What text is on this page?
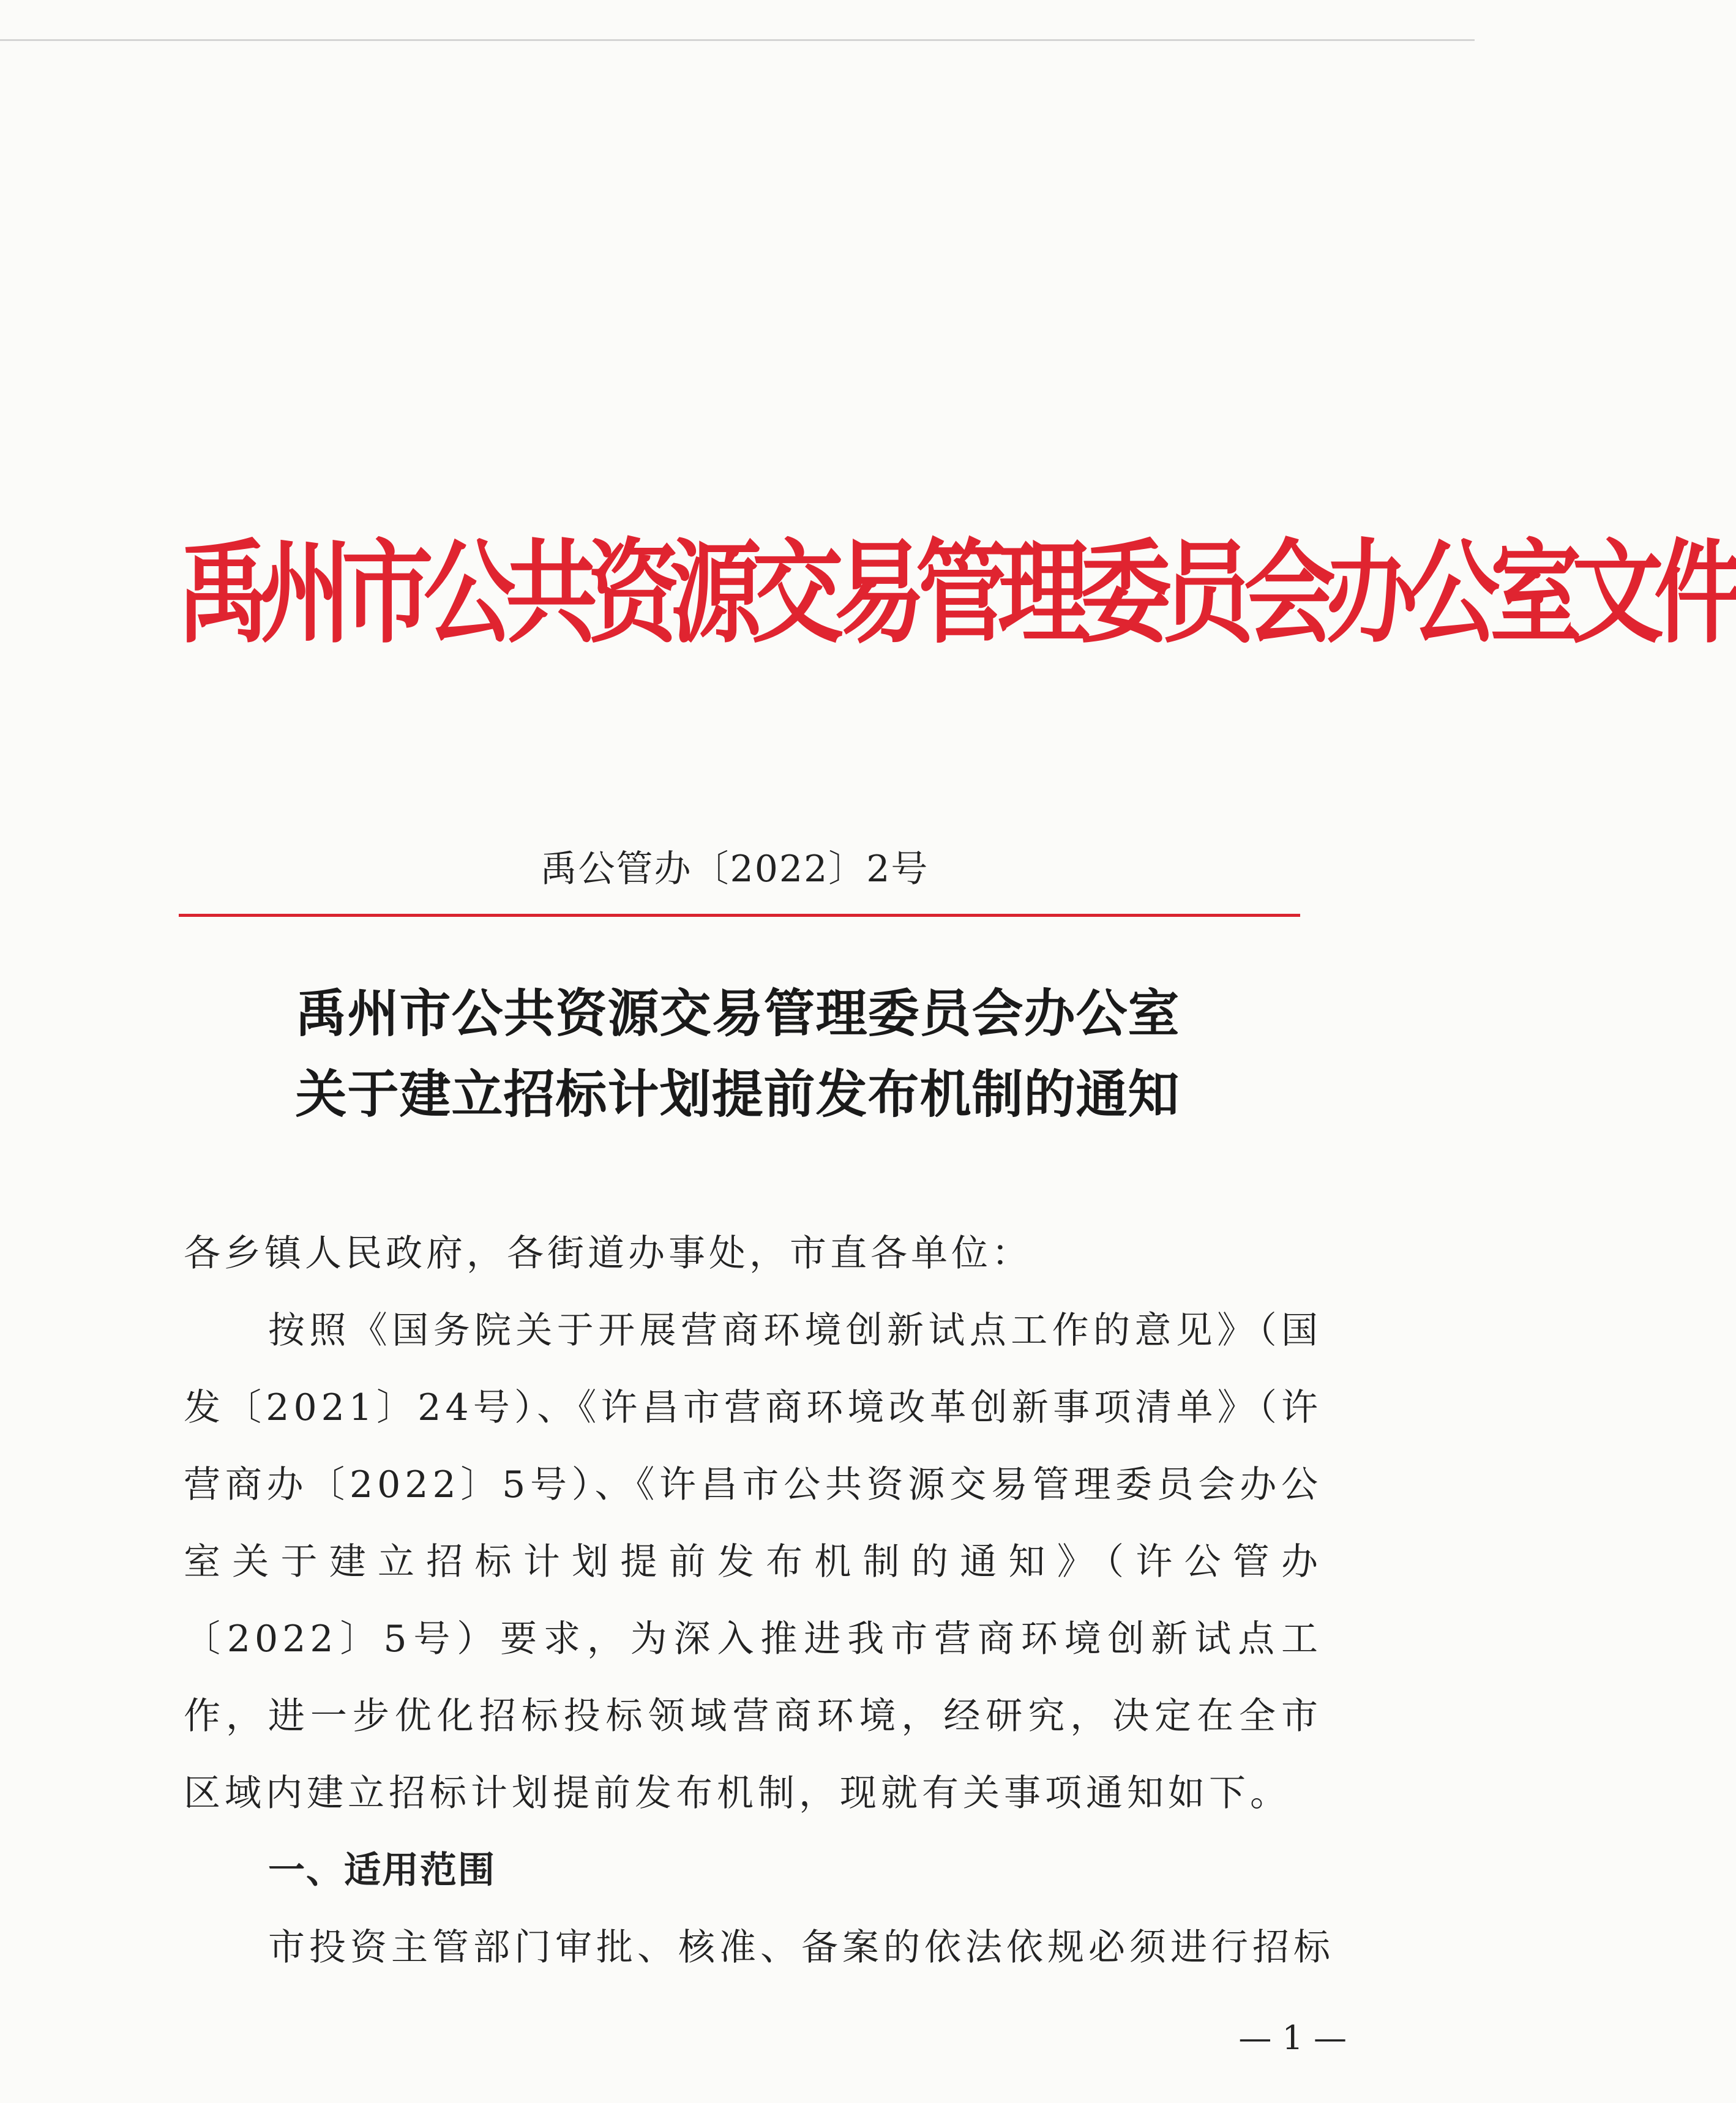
禹州市公共资源交易管理委员会办公室文件
禹公管办〔2022〕2号
禹州市公共资源交易管理委员会办公室
关于建立招标计划提前发布机制的通知

各乡镇人民政府，各街道办事处，市直各单位：

按照《国务院关于开展营商环境创新试点工作的意见》（国发〔2021〕24号）、《许昌市营商环境改革创新事项清单》（许营商办〔2022〕5号）、《许昌市公共资源交易管理委员会办公室关于建立招标计划提前发布机制的通知》（许公管办〔2022〕5号）要求，为深入推进我市营商环境创新试点工作，进一步优化招标投标领域营商环境，经研究，决定在全市区域内建立招标计划提前发布机制，现就有关事项通知如下。

一、适用范围

市投资主管部门审批、核准、备案的依法依规必须进行招标

— 1 —
